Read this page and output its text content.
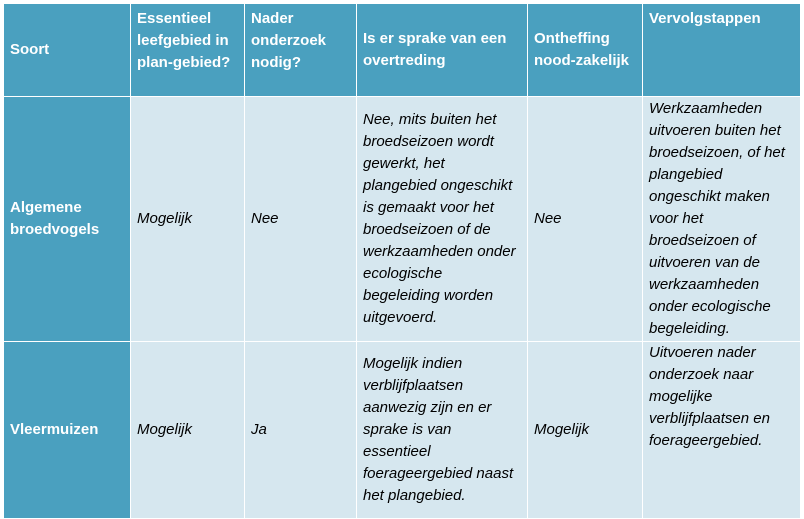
Soort	Essentieel leefgebied in plan-gebied?	Nader onderzoek nodig?	Is er sprake van een overtreding	Ontheffing nood-zakelijk	Vervolgstappen
Algemene broedvogels	Mogelijk	Nee	Nee, mits buiten het broedseizoen wordt gewerkt, het plangebied ongeschikt is gemaakt voor het broedseizoen of de werkzaamheden onder ecologische begeleiding worden uitgevoerd.	Nee	Werkzaamheden uitvoeren buiten het broedseizoen, of het plangebied ongeschikt maken voor het broedseizoen of uitvoeren van de werkzaamheden onder ecologische begeleiding.
Vleermuizen	Mogelijk	Ja	Mogelijk indien verblijfplaatsen aanwezig zijn en er sprake is van essentieel foerageergebied naast het plangebied.	Mogelijk	Uitvoeren nader onderzoek naar mogelijke verblijfplaatsen en foerageergebied.
